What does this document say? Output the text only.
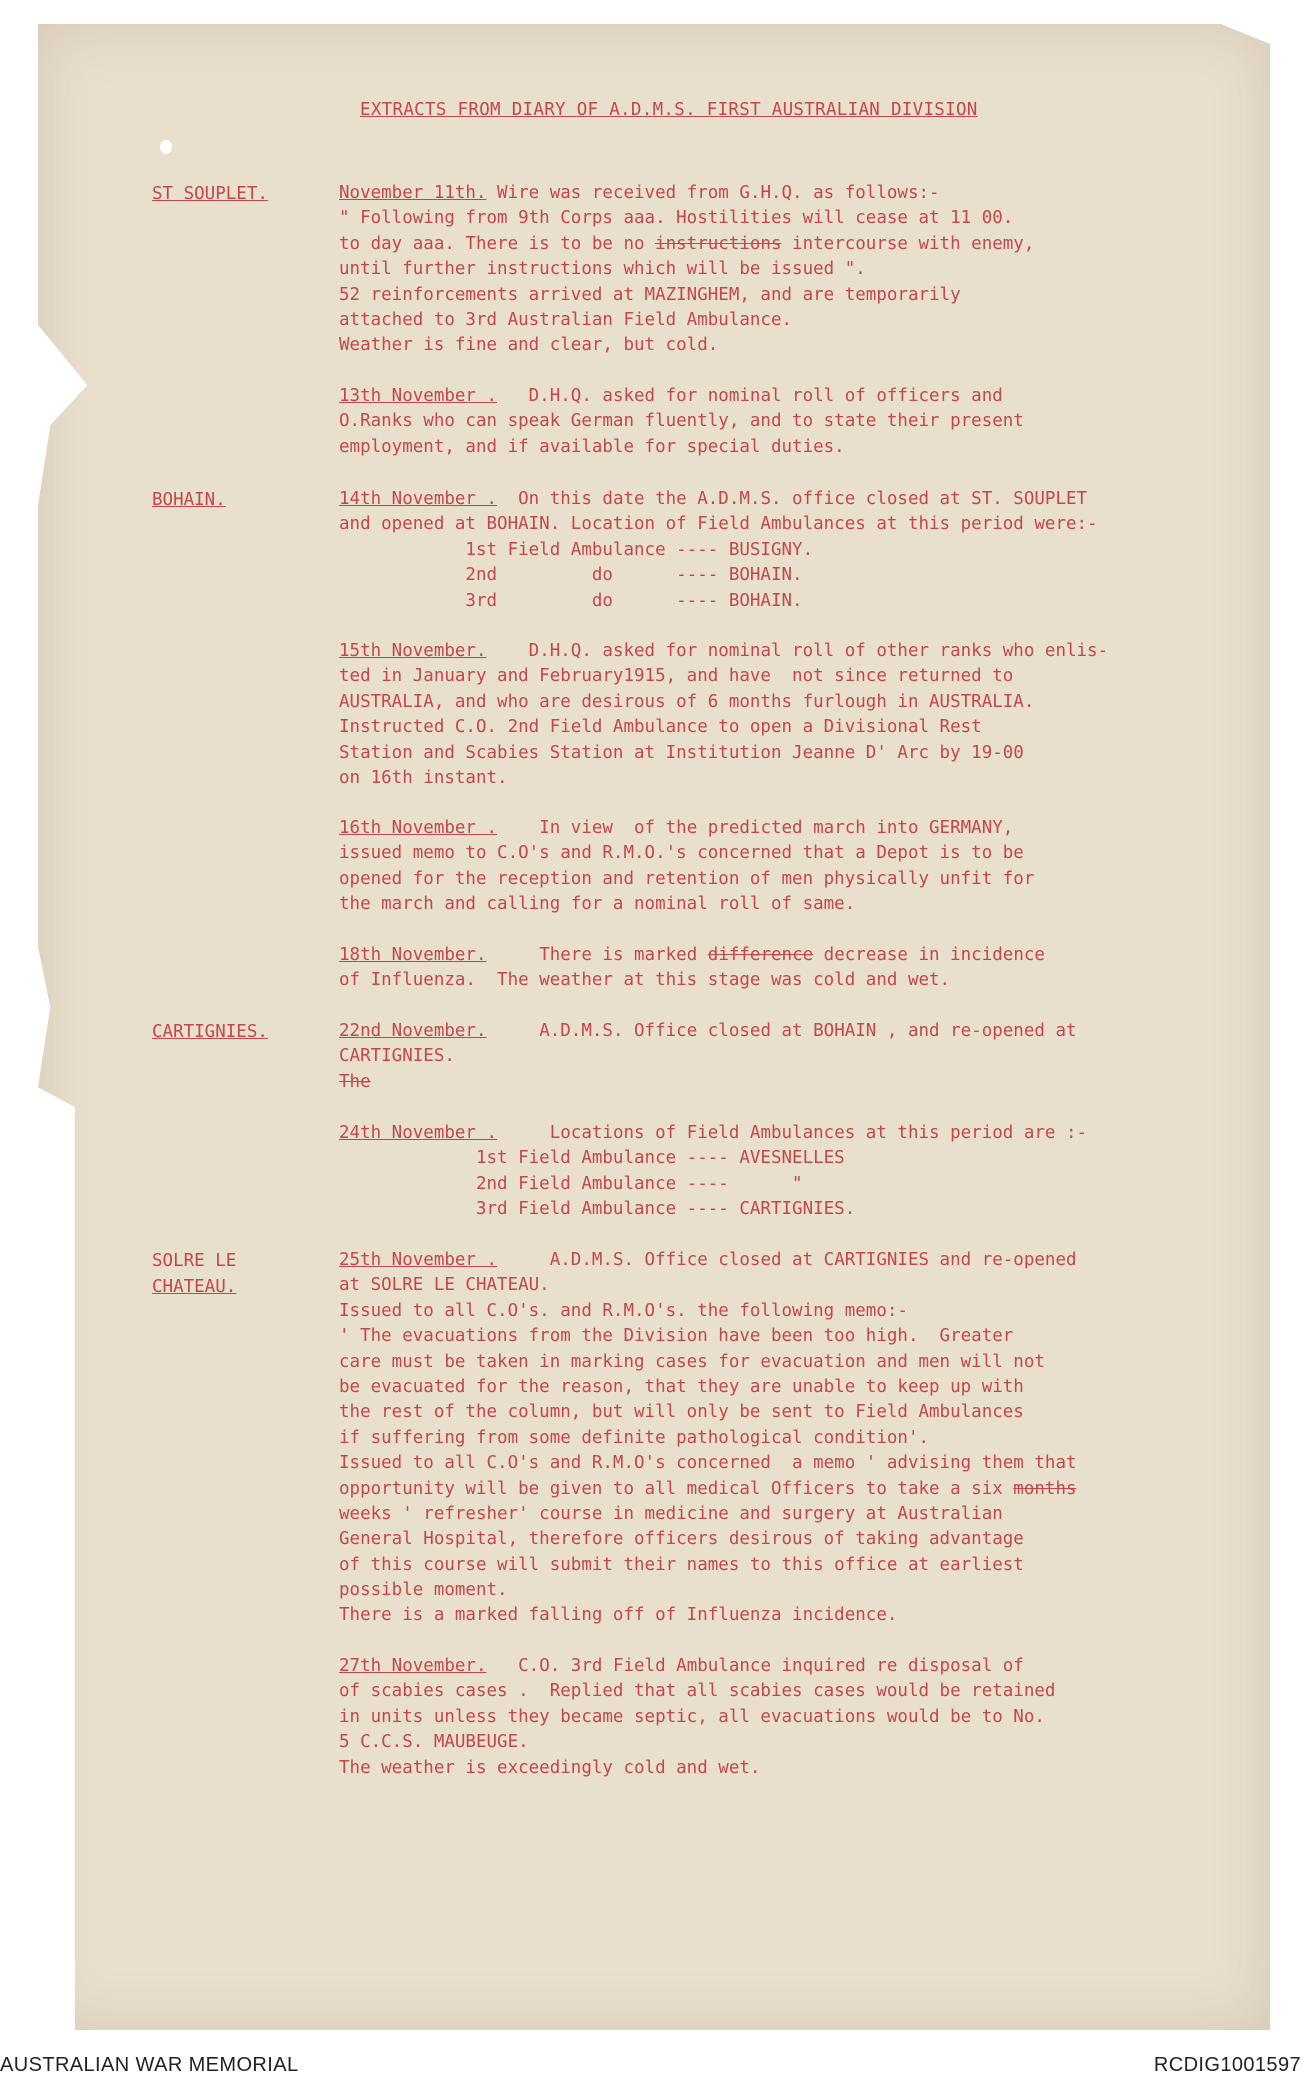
EXTRACTS FROM DIARY OF A.D.M.S. FIRST AUSTRALIAN DIVISION
ST SOUPLET.
BOHAIN.
CARTIGNIES.
SOLRE LE
CHATEAU.
November 11th. Wire was received from G.H.Q. as follows:-
" Following from 9th Corps aaa. Hostilities will cease at 11 00.
to day aaa. There is to be no instructions intercourse with enemy,
until further instructions which will be issued ".
52 reinforcements arrived at MAZINGHEM, and are temporarily
attached to 3rd Australian Field Ambulance.
Weather is fine and clear, but cold.
13th November .   D.H.Q. asked for nominal roll of officers and
O.Ranks who can speak German fluently, and to state their present
employment, and if available for special duties.
14th November .  On this date the A.D.M.S. office closed at ST. SOUPLET
and opened at BOHAIN. Location of Field Ambulances at this period were:-
1st Field Ambulance ---- BUSIGNY.
2nd         do      ---- BOHAIN.
3rd         do      ---- BOHAIN.
15th November.    D.H.Q. asked for nominal roll of other ranks who enlis-
ted in January and February1915, and have  not since returned to
AUSTRALIA, and who are desirous of 6 months furlough in AUSTRALIA.
Instructed C.O. 2nd Field Ambulance to open a Divisional Rest
Station and Scabies Station at Institution Jeanne D' Arc by 19-00
on 16th instant.
16th November .    In view  of the predicted march into GERMANY,
issued memo to C.O's and R.M.O.'s concerned that a Depot is to be
opened for the reception and retention of men physically unfit for
the march and calling for a nominal roll of same.
18th November.     There is marked difference decrease in incidence
of Influenza.  The weather at this stage was cold and wet.
22nd November.     A.D.M.S. Office closed at BOHAIN , and re-opened at
CARTIGNIES.
The
24th November .     Locations of Field Ambulances at this period are :-
1st Field Ambulance ---- AVESNELLES
2nd Field Ambulance ----      "
3rd Field Ambulance ---- CARTIGNIES.
25th November .     A.D.M.S. Office closed at CARTIGNIES and re-opened
at SOLRE LE CHATEAU.
Issued to all C.O's. and R.M.O's. the following memo:-
' The evacuations from the Division have been too high.  Greater
care must be taken in marking cases for evacuation and men will not
be evacuated for the reason, that they are unable to keep up with
the rest of the column, but will only be sent to Field Ambulances
if suffering from some definite pathological condition'.
Issued to all C.O's and R.M.O's concerned  a memo ' advising them that
opportunity will be given to all medical Officers to take a six months
weeks ' refresher' course in medicine and surgery at Australian
General Hospital, therefore officers desirous of taking advantage
of this course will submit their names to this office at earliest
possible moment.
There is a marked falling off of Influenza incidence.
27th November.   C.O. 3rd Field Ambulance inquired re disposal of
of scabies cases .  Replied that all scabies cases would be retained
in units unless they became septic, all evacuations would be to No.
5 C.C.S. MAUBEUGE.
The weather is exceedingly cold and wet.
AUSTRALIAN WAR MEMORIAL	RCDIG1001597
